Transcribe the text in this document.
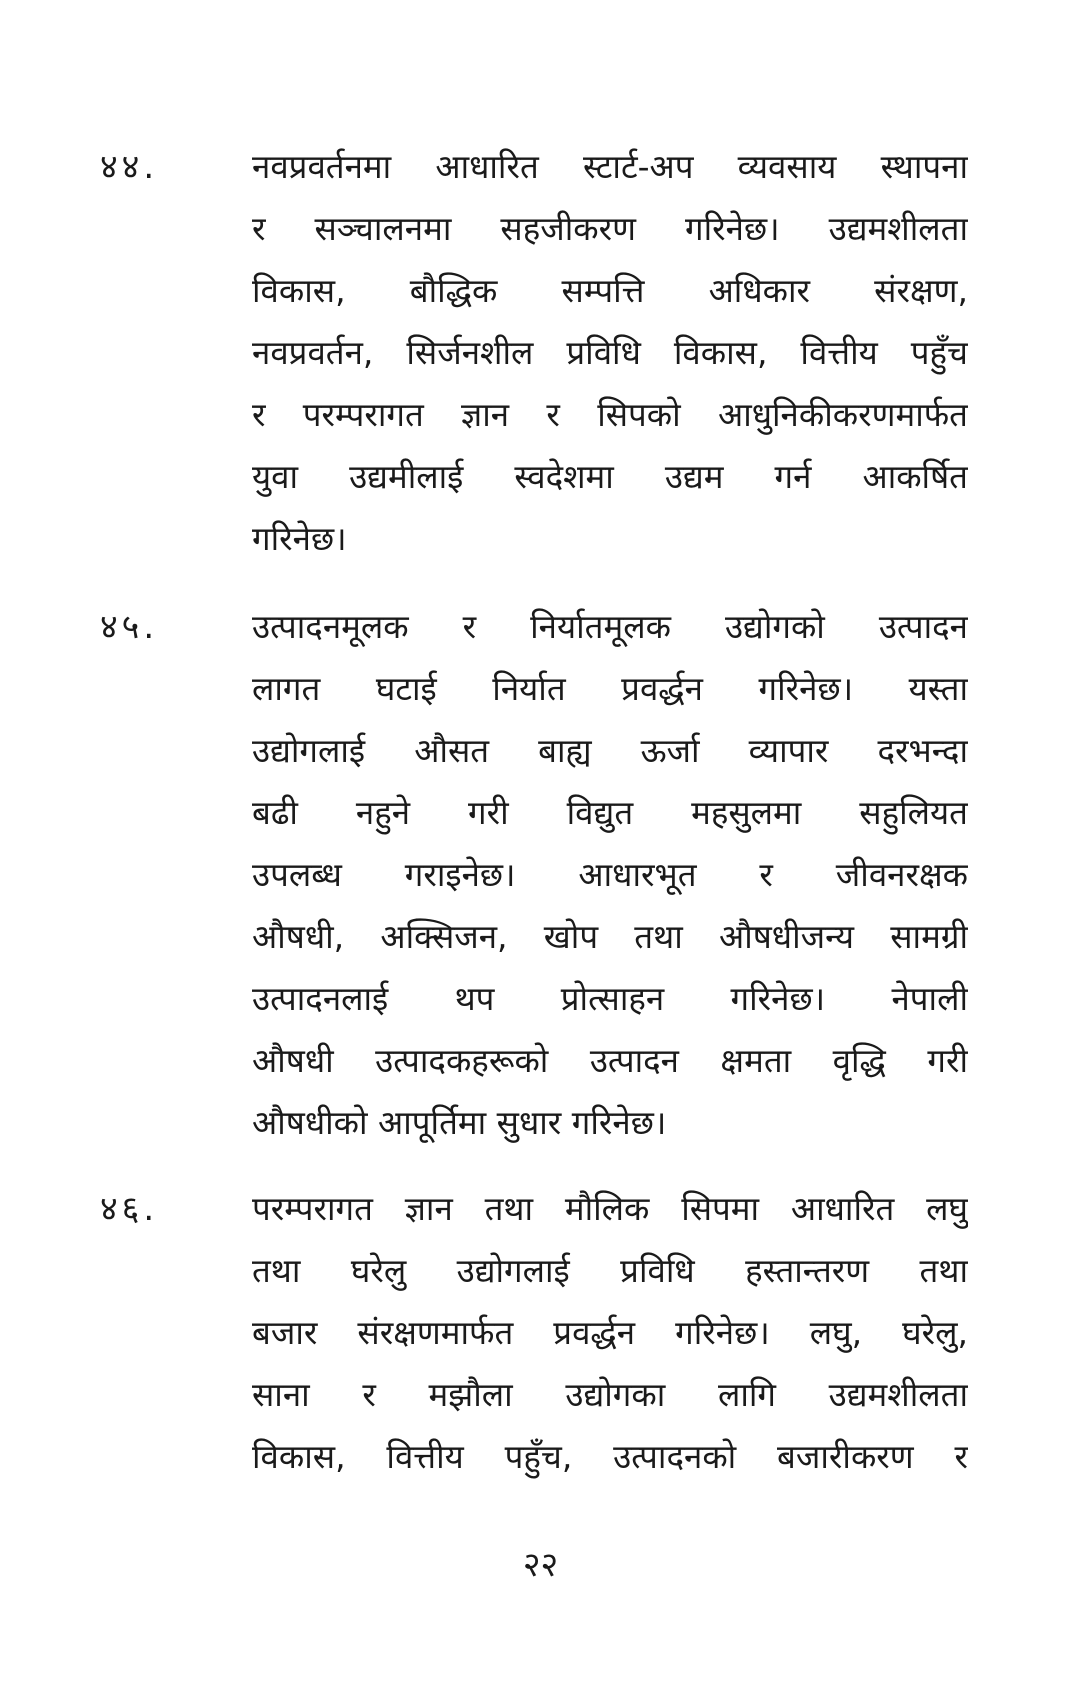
४४.	नवप्रवर्तनमा आधारित स्टार्ट-अप व्यवसाय स्थापना
र सञ्चालनमा सहजीकरण गरिनेछ। उद्यमशीलता
विकास, बौद्धिक सम्पत्ति अधिकार संरक्षण,
नवप्रवर्तन, सिर्जनशील प्रविधि विकास, वित्तीय पहुँच
र परम्परागत ज्ञान र सिपको आधुनिकीकरणमार्फत
युवा उद्यमीलाई स्वदेशमा उद्यम गर्न आकर्षित
गरिनेछ।
४५.	उत्पादनमूलक र निर्यातमूलक उद्योगको उत्पादन
लागत घटाई निर्यात प्रवर्द्धन गरिनेछ। यस्ता
उद्योगलाई औसत बाह्य ऊर्जा व्यापार दरभन्दा
बढी नहुने गरी विद्युत महसुलमा सहुलियत
उपलब्ध गराइनेछ। आधारभूत र जीवनरक्षक
औषधी, अक्सिजन, खोप तथा औषधीजन्य सामग्री
उत्पादनलाई थप प्रोत्साहन गरिनेछ। नेपाली
औषधी उत्पादकहरूको उत्पादन क्षमता वृद्धि गरी
औषधीको आपूर्तिमा सुधार गरिनेछ।
४६.	परम्परागत ज्ञान तथा मौलिक सिपमा आधारित लघु
तथा घरेलु उद्योगलाई प्रविधि हस्तान्तरण तथा
बजार संरक्षणमार्फत प्रवर्द्धन गरिनेछ। लघु, घरेलु,
साना र मझौला उद्योगका लागि उद्यमशीलता
विकास, वित्तीय पहुँच, उत्पादनको बजारीकरण र
२२
